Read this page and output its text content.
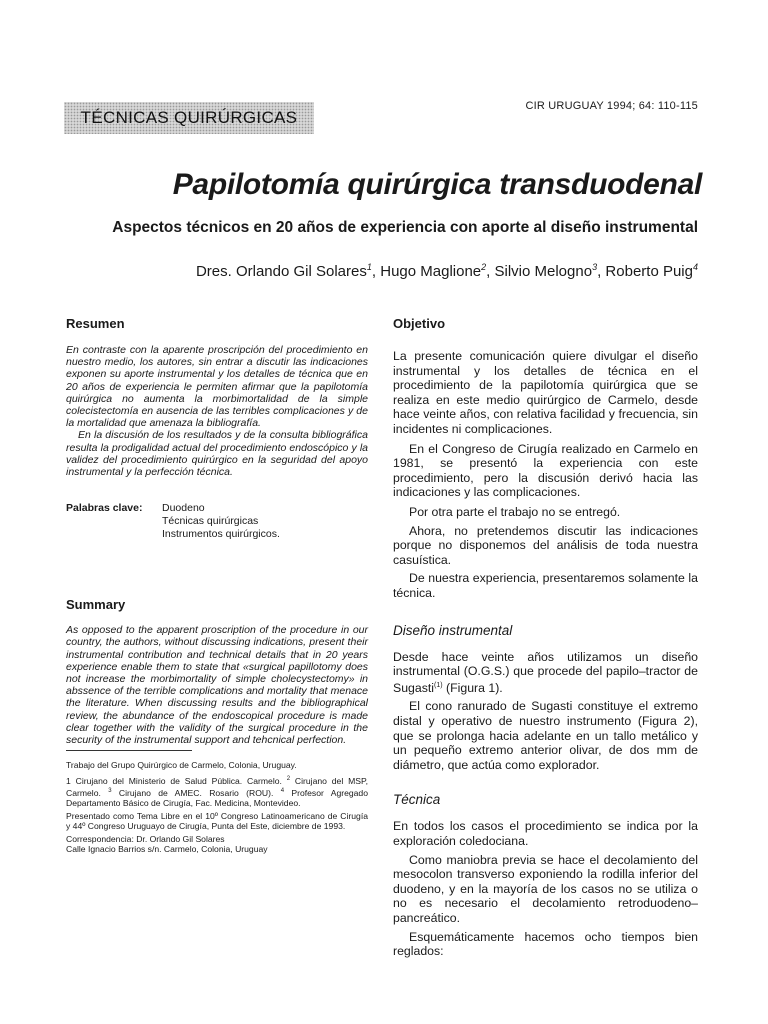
TÉCNICAS QUIRÚRGICAS
CIR URUGUAY 1994; 64: 110-115
Papilotomía quirúrgica transduodenal
Aspectos técnicos en 20 años de experiencia con aporte al diseño instrumental
Dres. Orlando Gil Solares$^1$, Hugo Maglione$^2$, Silvio Melogno$^3$, Roberto Puig$^4$
Resumen

En contraste con la aparente proscripción del procedimiento en nuestro medio, los autores, sin entrar a discutir las indicaciones exponen su aporte instrumental y los detalles de técnica que en 20 años de experiencia le permiten afirmar que la papilotomía quirúrgica no aumenta la morbimortalidad de la simple colecistectomía en ausencia de las terribles complicaciones y de la mortalidad que amenaza la bibliografía.

En la discusión de los resultados y de la consulta bibliográfica resulta la prodigalidad actual del procedimiento endoscópico y la validez del procedimiento quirúrgico en la seguridad del apoyo instrumental y la perfección técnica.

Palabras clave:	Duodeno
Técnicas quirúrgicas
Instrumentos quirúrgicos.
Summary

As opposed to the apparent proscription of the procedure in our country, the authors, without discussing indications, present their instrumental contribution and technical details that in 20 years experience enable them to state that «surgical papillotomy does not increase the morbimortality of simple cholecystectomy» in abssence of the terrible complications and mortality that menace the literature. When discussing results and the bibliographical review, the abundance of the endoscopical procedure is made clear together with the validity of the surgical procedure in the security of the instrumental support and tehcnical perfection.

Trabajo del Grupo Quirúrgico de Carmelo, Colonia, Uruguay.

1 Cirujano del Ministerio de Salud Pública. Carmelo. $^2$ Cirujano del MSP, Carmelo. $^3$ Cirujano de AMEC. Rosario (ROU). $^4$ Profesor Agregado Departamento Básico de Cirugía, Fac. Medicina, Montevideo.

Presentado como Tema Libre en el 10º Congreso Latinoamericano de Cirugía y 44º Congreso Uruguayo de Cirugía, Punta del Este, diciembre de 1993.

Correspondencia: Dr. Orlando Gil Solares

Calle Ignacio Barrios s/n. Carmelo, Colonia, Uruguay

Objetivo

La presente comunicación quiere divulgar el diseño instrumental y los detalles de técnica en el procedimiento de la papilotomía quirúrgica que se realiza en este medio quirúrgico de Carmelo, desde hace veinte años, con relativa facilidad y frecuencia, sin incidentes ni complicaciones.

En el Congreso de Cirugía realizado en Carmelo en 1981, se presentó la experiencia con este procedimiento, pero la discusión derivó hacia las indicaciones y las complicaciones.

Por otra parte el trabajo no se entregó.

Ahora, no pretendemos discutir las indicaciones porque no disponemos del análisis de toda nuestra casuística.

De nuestra experiencia, presentaremos solamente la técnica.

Diseño instrumental

Desde hace veinte años utilizamos un diseño instrumental (O.G.S.) que procede del papilo–tractor de Sugasti$^{(1)}$ (Figura 1).

El cono ranurado de Sugasti constituye el extremo distal y operativo de nuestro instrumento (Figura 2), que se prolonga hacia adelante en un tallo metálico y un pequeño extremo anterior olivar, de dos mm de diámetro, que actúa como explorador.

Técnica

En todos los casos el procedimiento se indica por la exploración coledociana.

Como maniobra previa se hace el decolamiento del mesocolon transverso exponiendo la rodilla inferior del duodeno, y en la mayoría de los casos no se utiliza o no es necesario el decolamiento retroduodeno–pancreático.

Esquemáticamente hacemos ocho tiempos bien reglados:
